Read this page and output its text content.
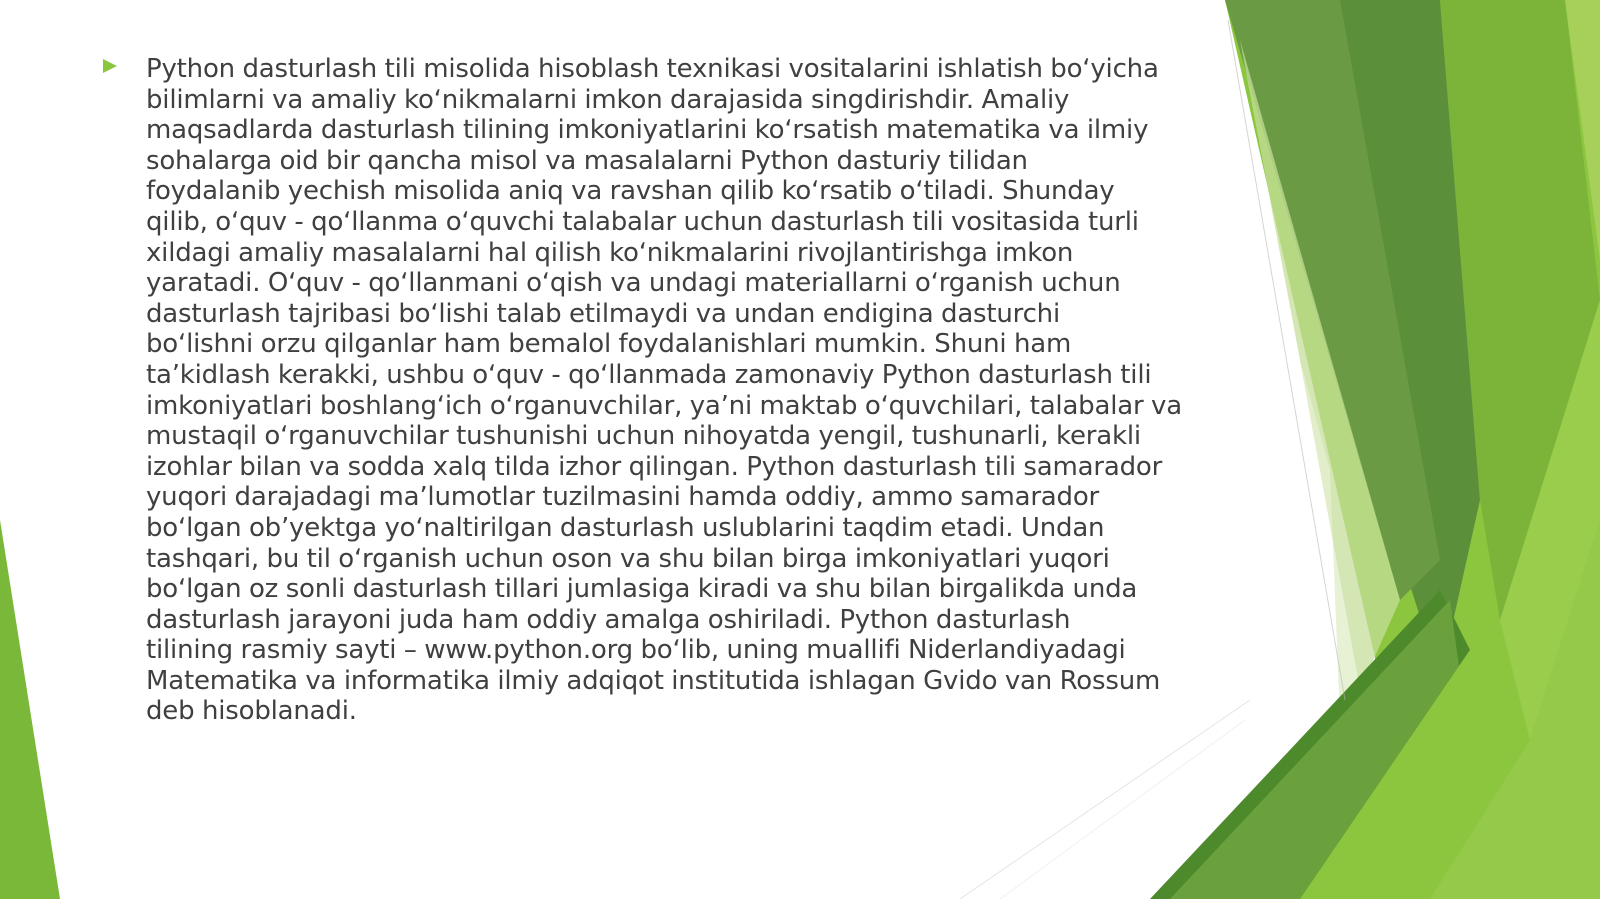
Python dasturlash tili misolida hisoblash texnikasi vositalarini ishlatish boʻyicha
bilimlarni va amaliy koʻnikmalarni imkon darajasida singdirishdir. Amaliy
maqsadlarda dasturlash tilining imkoniyatlarini koʻrsatish matematika va ilmiy
sohalarga oid bir qancha misol va masalalarni Python dasturiy tilidan
foydalanib yechish misolida aniq va ravshan qilib koʻrsatib oʻtiladi. Shunday
qilib, oʻquv - qoʻllanma oʻquvchi talabalar uchun dasturlash tili vositasida turli
xildagi amaliy masalalarni hal qilish koʻnikmalarini rivojlantirishga imkon
yaratadi. Oʻquv - qoʻllanmani oʻqish va undagi materiallarni oʻrganish uchun
dasturlash tajribasi boʻlishi talab etilmaydi va undan endigina dasturchi
boʻlishni orzu qilganlar ham bemalol foydalanishlari mumkin. Shuni ham
taʼkidlash kerakki, ushbu oʻquv - qoʻllanmada zamonaviy Python dasturlash tili
imkoniyatlari boshlangʻich oʻrganuvchilar, yaʼni maktab oʻquvchilari, talabalar va
mustaqil oʻrganuvchilar tushunishi uchun nihoyatda yengil, tushunarli, kerakli
izohlar bilan va sodda xalq tilda izhor qilingan. Python dasturlash tili samarador
yuqori darajadagi maʼlumotlar tuzilmasini hamda oddiy, ammo samarador
boʻlgan obʼyektga yoʻnaltirilgan dasturlash uslublarini taqdim etadi. Undan
tashqari, bu til oʻrganish uchun oson va shu bilan birga imkoniyatlari yuqori
boʻlgan oz sonli dasturlash tillari jumlasiga kiradi va shu bilan birgalikda unda
dasturlash jarayoni juda ham oddiy amalga oshiriladi. Python dasturlash
tilining rasmiy sayti – www.python.org boʻlib, uning muallifi Niderlandiyadagi
Matematika va informatika ilmiy adqiqot institutida ishlagan Gvido van Rossum
deb hisoblanadi.
